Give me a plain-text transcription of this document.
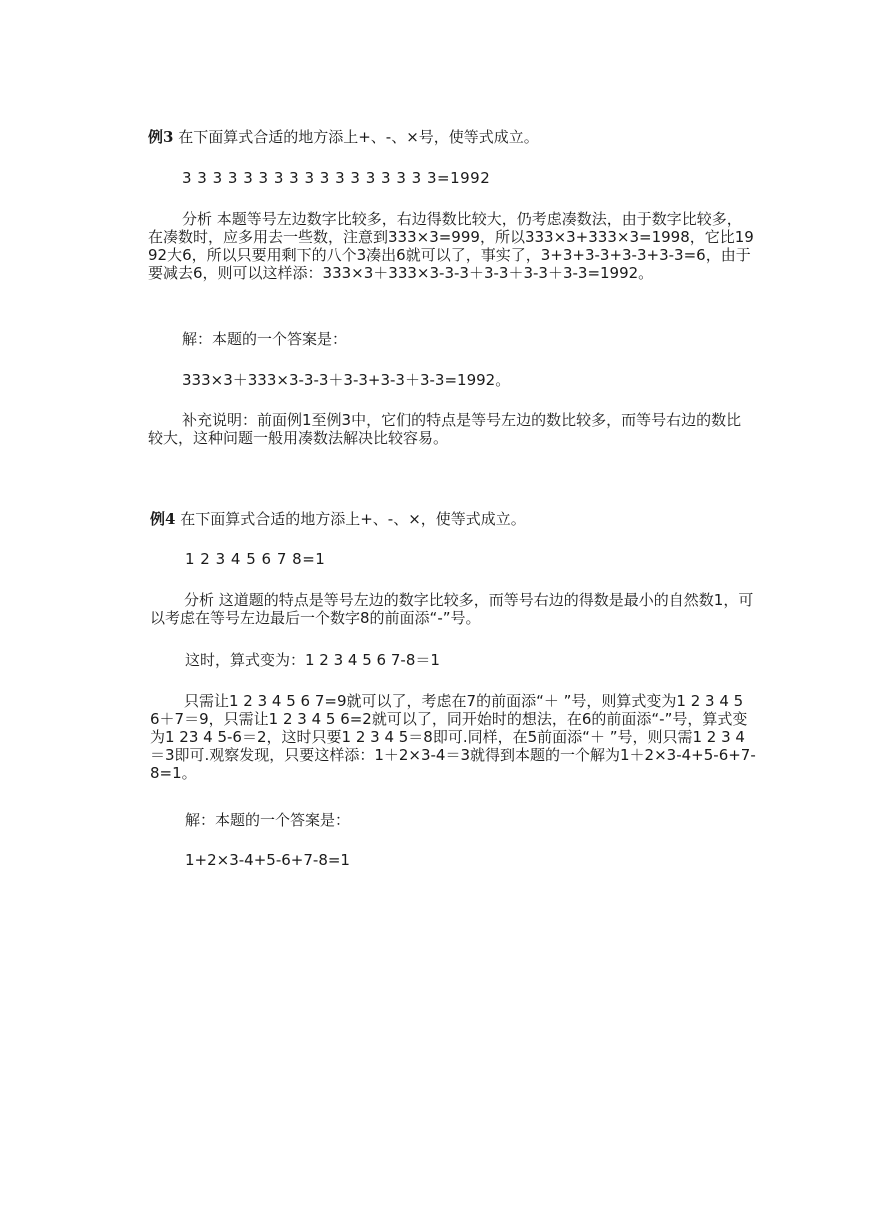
例3 在下面算式合适的地方添上+、-、×号，使等式成立。
3 3 3 3 3 3 3 3 3 3 3 3 3 3 3 3 3=1992
分析 本题等号左边数字比较多，右边得数比较大，仍考虑凑数法，由于数字比较多，在凑数时，应多用去一些数，注意到333×3=999，所以333×3+333×3=1998，它比1992大6，所以只要用剩下的八个3凑出6就可以了，事实了，3+3+3-3+3-3+3-3=6，由于要减去6，则可以这样添：333×3＋333×3-3-3＋3-3＋3-3＋3-3=1992。
解：本题的一个答案是：
333×3＋333×3-3-3＋3-3+3-3＋3-3=1992。
补充说明：前面例1至例3中，它们的特点是等号左边的数比较多，而等号右边的数比较大，这种问题一般用凑数法解决比较容易。
例4 在下面算式合适的地方添上+、-、×，使等式成立。
1 2 3 4 5 6 7 8=1
分析 这道题的特点是等号左边的数字比较多，而等号右边的得数是最小的自然数1，可以考虑在等号左边最后一个数字8的前面添“-”号。
这时，算式变为：1 2 3 4 5 6 7-8＝1
只需让1 2 3 4 5 6 7=9就可以了，考虑在7的前面添“＋ ”号，则算式变为1 2 3 4 5 6＋7＝9，只需让1 2 3 4 5 6=2就可以了，同开始时的想法，在6的前面添“-”号，算式变为1 23 4 5-6＝2，这时只要1 2 3 4 5＝8即可.同样，在5前面添“＋ ”号，则只需1 2 3 4＝3即可.观察发现，只要这样添：1＋2×3-4＝3就得到本题的一个解为1＋2×3-4+5-6+7-8=1。
解：本题的一个答案是：
1+2×3-4+5-6+7-8=1
